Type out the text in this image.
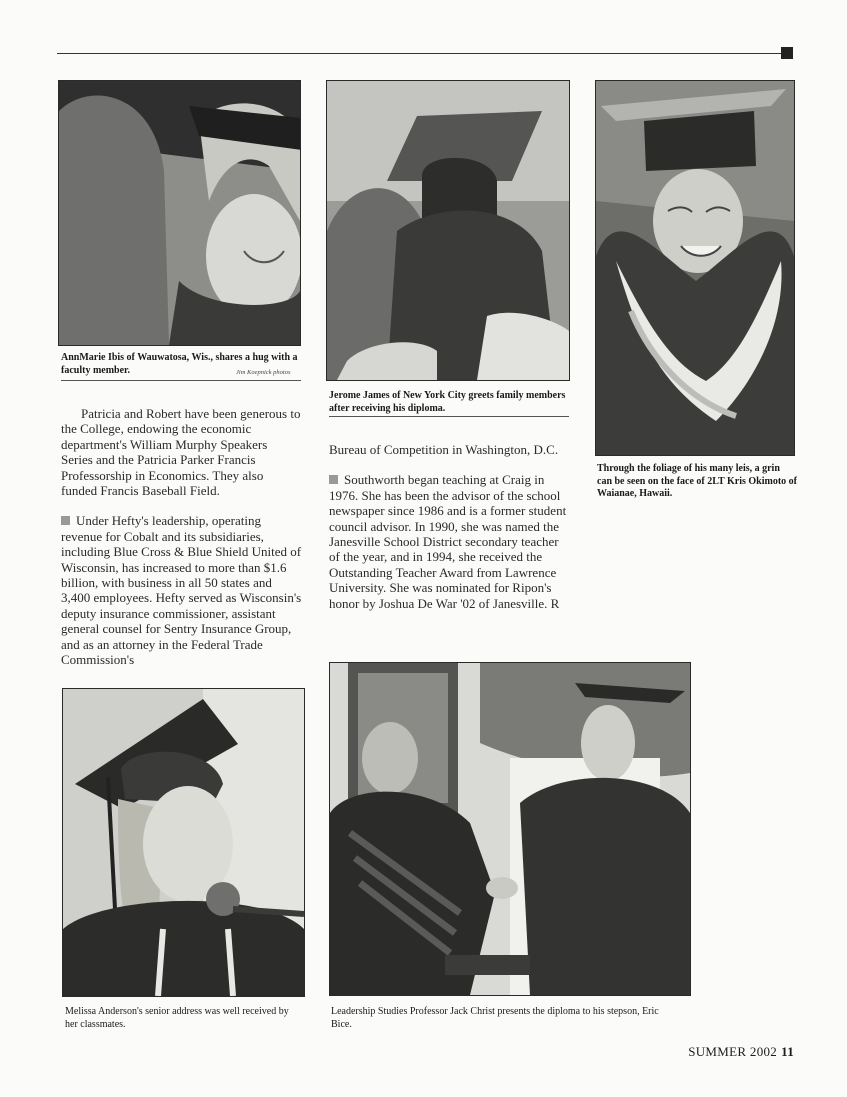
AnnMarie Ibis of Wauwatosa, Wis., shares a hug with a faculty member.	Jim Koepnick photos
Jerome James of New York City greets family members after receiving his diploma.
Through the foliage of his many leis, a grin can be seen on the face of 2LT Kris Okimoto of Waianae, Hawaii.

Patricia and Robert have been generous to the College, endowing the economic department's William Murphy Speakers Series and the Patricia Parker Francis Professorship in Economics. They also funded Francis Baseball Field.

Under Hefty's leadership, operating revenue for Cobalt and its subsidiaries, including Blue Cross & Blue Shield United of Wisconsin, has increased to more than $1.6 billion, with business in all 50 states and 3,400 employees. Hefty served as Wisconsin's deputy insurance commissioner, assistant general counsel for Sentry Insurance Group, and as an attorney in the Federal Trade Commission's

Bureau of Competition in Washington, D.C.

Southworth began teaching at Craig in 1976. She has been the advisor of the school newspaper since 1986 and is a former student council advisor. In 1990, she was named the Janesville School District secondary teacher of the year, and in 1994, she received the Outstanding Teacher Award from Lawrence University. She was nominated for Ripon's honor by Joshua De War '02 of Janesville. R

Melissa Anderson's senior address was well received by her classmates.
Leadership Studies Professor Jack Christ presents the diploma to his stepson, Eric Bice.
SUMMER 2002 11
